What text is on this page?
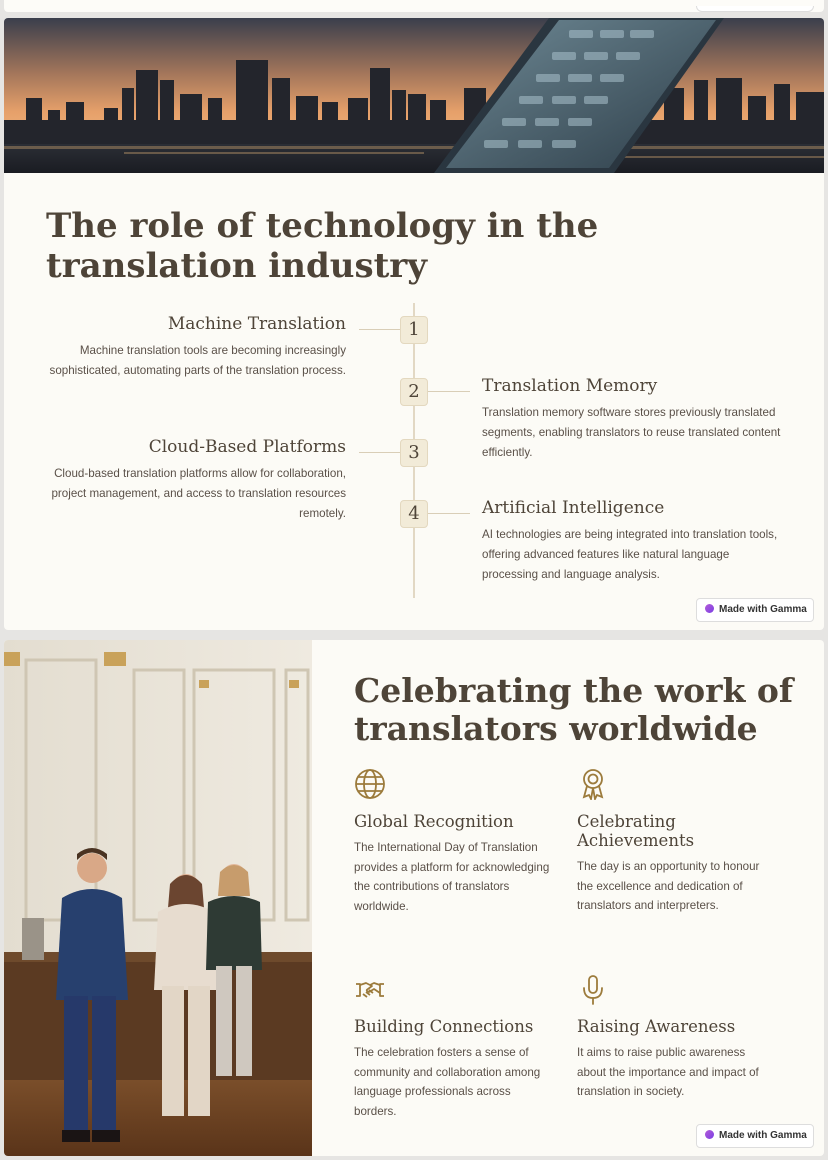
The role of technology in the translation industry
1
Machine Translation
Machine translation tools are becoming increasingly sophisticated, automating parts of the translation process.
2	Translation Memory
Translation memory software stores previously translated segments, enabling translators to reuse translated content efficiently.
3
Cloud-Based Platforms
Cloud-based translation platforms allow for collaboration, project management, and access to translation resources remotely.	4	Artificial Intelligence
AI technologies are being integrated into translation tools, offering advanced features like natural language processing and language analysis.
Made with Gamma
Celebrating the work of translators worldwide
Global Recognition
The International Day of Translation provides a platform for acknowledging the contributions of translators worldwide.
Celebrating Achievements
The day is an opportunity to honour the excellence and dedication of translators and interpreters.
Building Connections
The celebration fosters a sense of community and collaboration among language professionals across borders.
Raising Awareness
It aims to raise public awareness about the importance and impact of translation in society.
Made with Gamma
